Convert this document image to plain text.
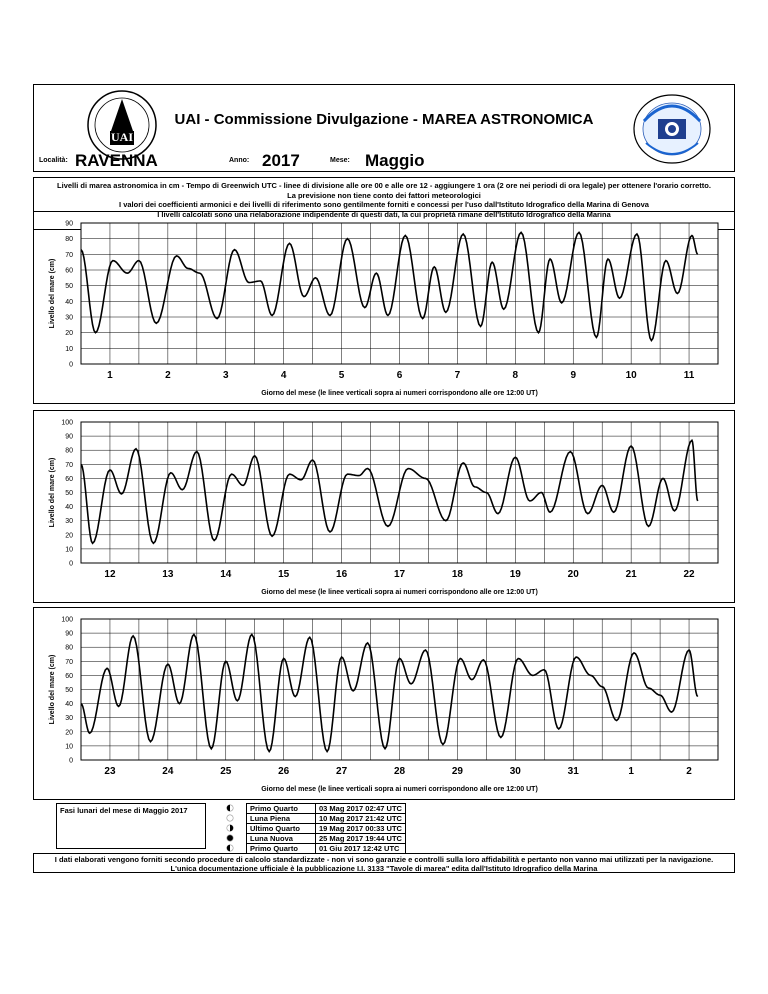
UAI
UAI - Commissione Divulgazione - MAREA ASTRONOMICA
Località: RAVENNA	Anno: 2017	Mese: Maggio
Livelli di marea astronomica in cm - Tempo di Greenwich UTC - linee di divisione alle ore 00 e alle ore 12 - aggiungere 1 ora (2 ore nei periodi di ora legale) per ottenere l'orario corretto.
La previsione non tiene conto dei fattori meteorologici
I valori dei coefficienti armonici e dei livelli di riferimento sono gentilmente forniti e concessi per l'uso dall'Istituto Idrografico della Marina di Genova
I livelli calcolati sono una rielaborazione indipendente di questi dati, la cui proprietà rimane dell'Istituto Idrografico della Marina
0
10
20
30
40
50
60
70
80
90
1	2	3	4	5	6	7	8	9	10	11
Livello del mare (cm)
Giorno del mese (le linee verticali sopra ai numeri corrispondono alle ore 12:00 UT)
0
10
20
30
40
50
60
70
80
90
100
12	13	14	15	16	17	18	19	20	21	22
Livello del mare (cm)
Giorno del mese (le linee verticali sopra ai numeri corrispondono alle ore 12:00 UT)
0
10
20
30
40
50
60
70
80
90
100
23	24	25	26	27	28	29	30	31	1	2
Livello del mare (cm)
Giorno del mese (le linee verticali sopra ai numeri corrispondono alle ore 12:00 UT)
Fasi lunari del mese di Maggio 2017
		Primo Quarto	03 Mag 2017 02:47 UTC
	Luna Piena	10 Mag 2017 21:42 UTC
	Ultimo Quarto	19 Mag 2017 00:33 UTC
	Luna Nuova	25 Mag 2017 19:44 UTC
	Primo Quarto	01 Giu 2017 12:42 UTC
I dati elaborati vengono forniti secondo procedure di calcolo standardizzate - non vi sono garanzie e controlli sulla loro affidabilità e pertanto non vanno mai utilizzati per la navigazione.
L'unica documentazione ufficiale è la pubblicazione I.I. 3133 "Tavole di marea" edita dall'Istituto Idrografico della Marina
